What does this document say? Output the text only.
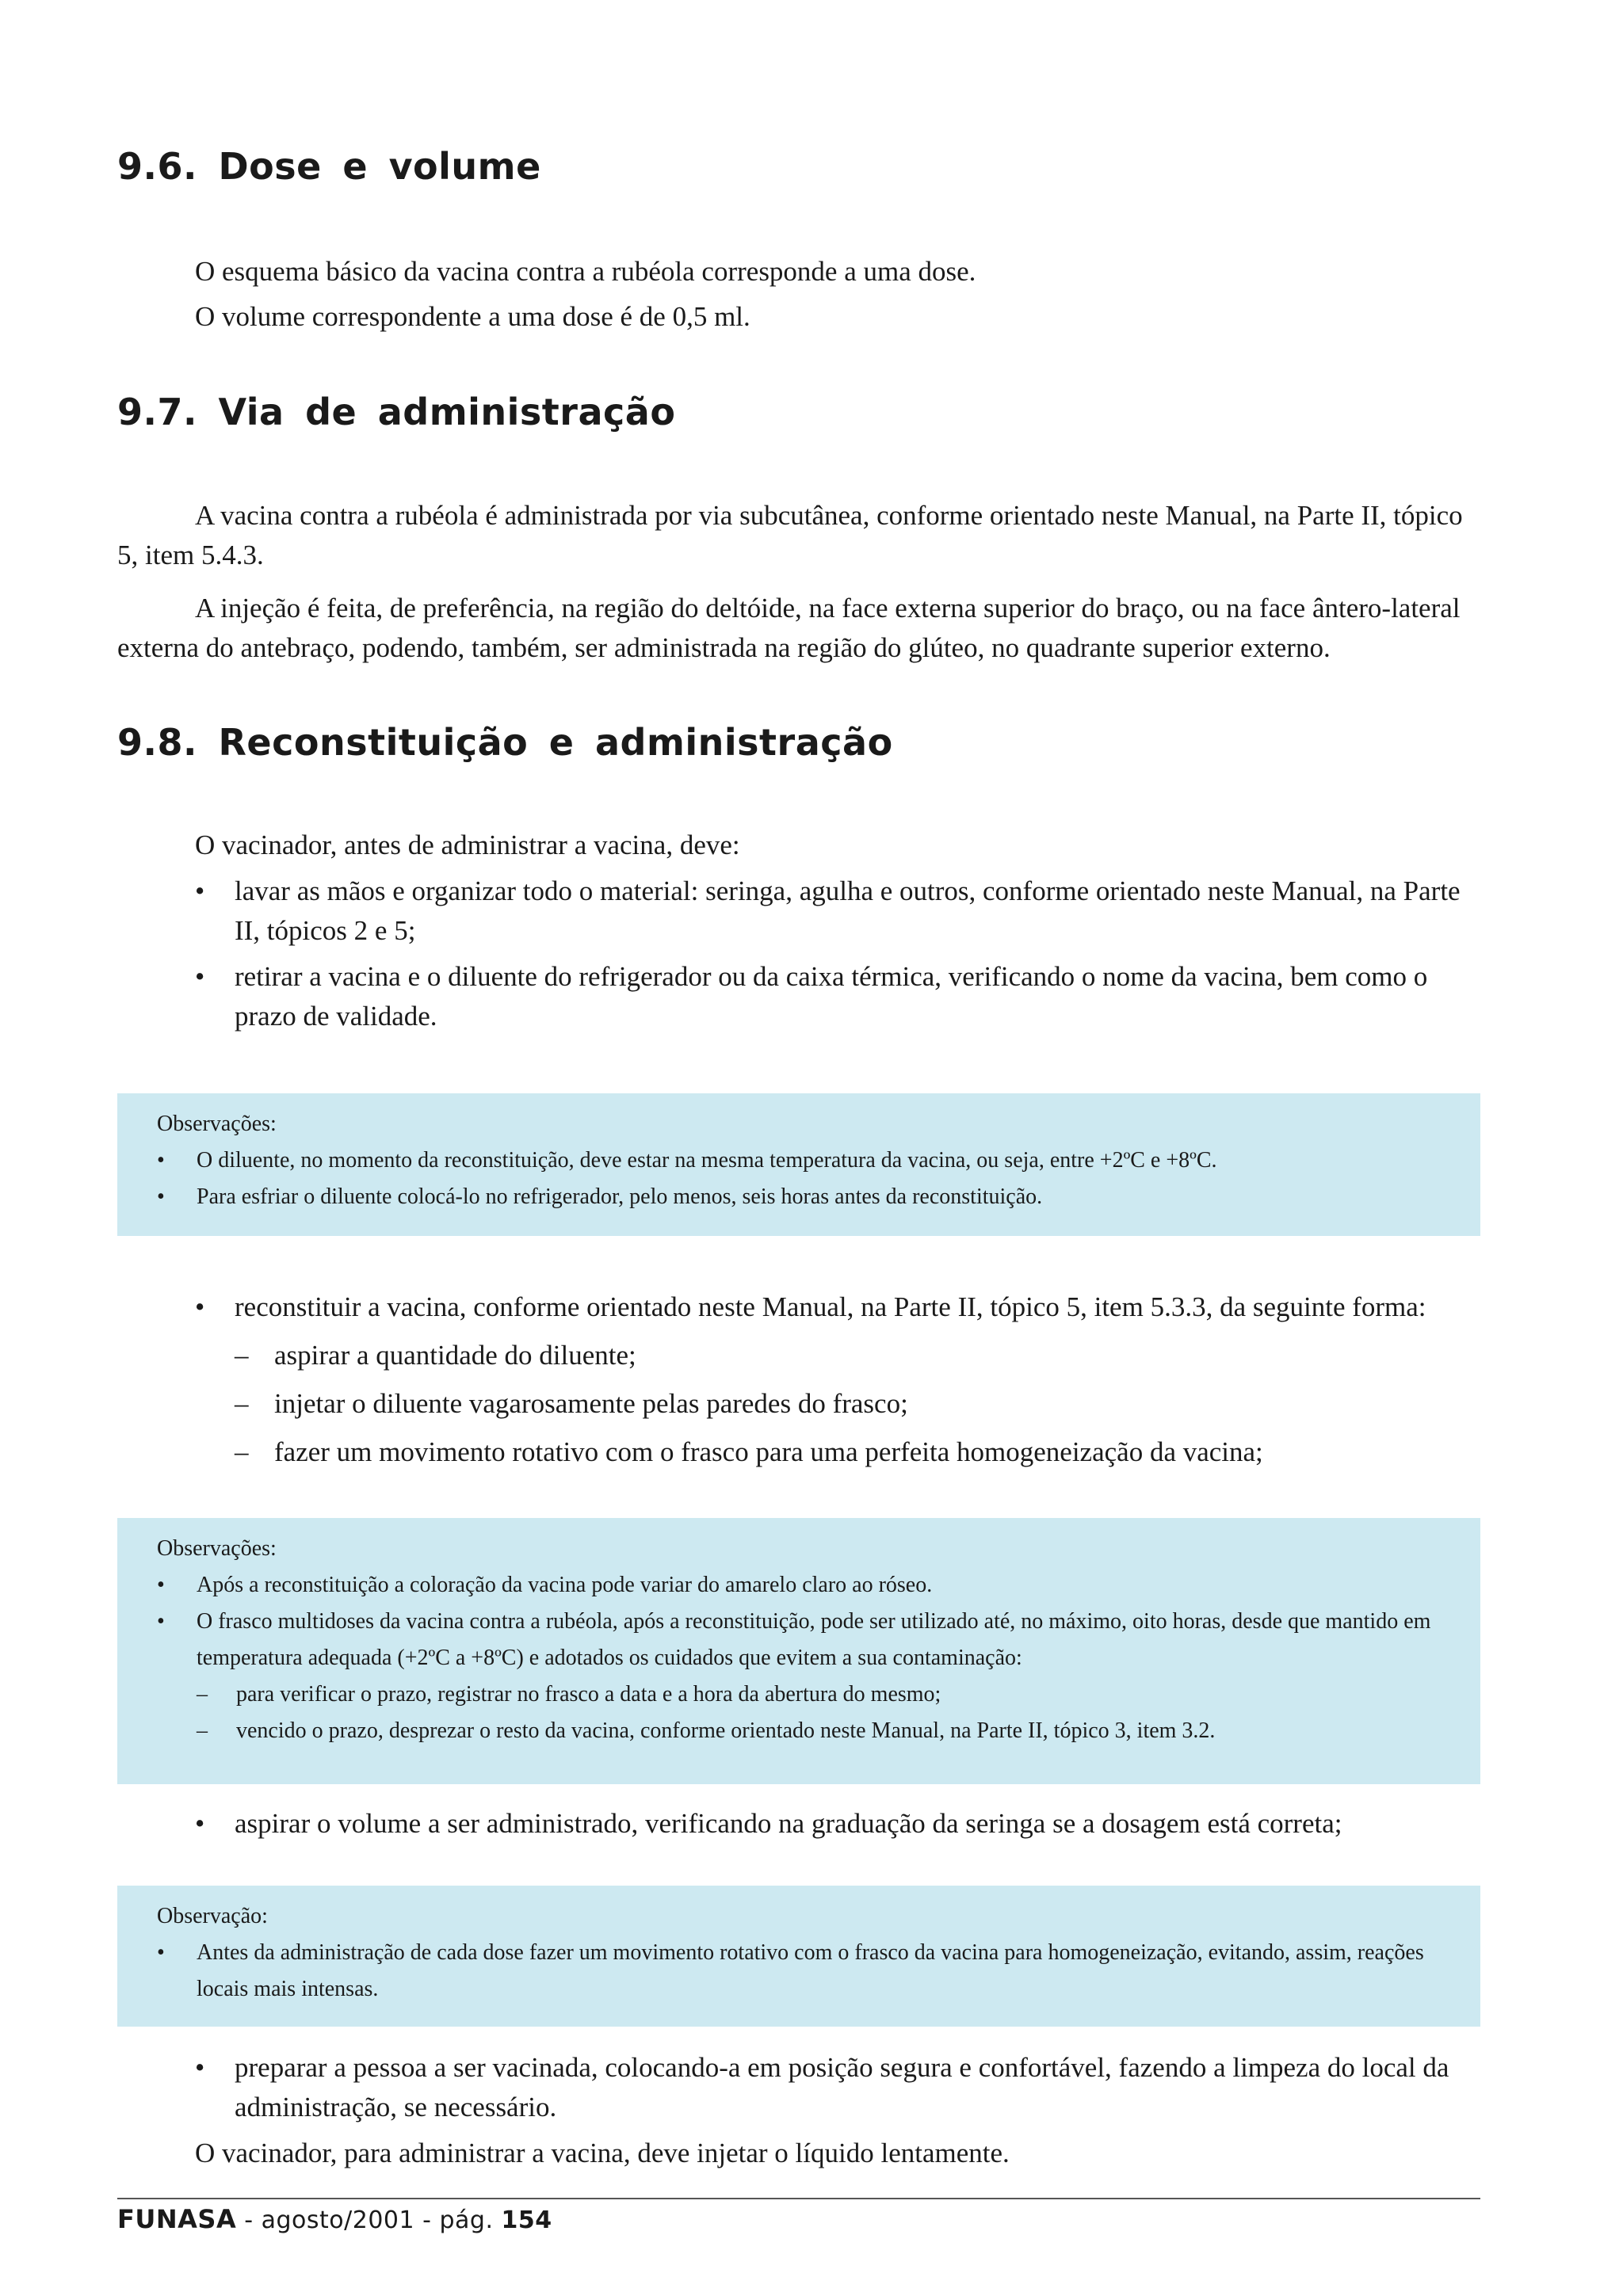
9.6. Dose e volume
O esquema básico da vacina contra a rubéola corresponde a uma dose.
O volume correspondente a uma dose é de 0,5 ml.
9.7. Via de administração
A vacina contra a rubéola é administrada por via subcutânea, conforme orientado neste Manual, na Parte II, tópico 5, item 5.4.3.
A injeção é feita, de preferência, na região do deltóide, na face externa superior do braço, ou na face ântero-lateral externa do antebraço, podendo, também, ser administrada na região do glúteo, no quadrante superior externo.
9.8. Reconstituição e administração
O vacinador, antes de administrar a vacina, deve:
•	lavar as mãos e organizar todo o material: seringa, agulha e outros, conforme orientado neste Manual, na Parte II, tópicos 2 e 5;
•	retirar a vacina e o diluente do refrigerador ou da caixa térmica, verificando o nome da vacina, bem como o prazo de validade.
Observações:
• O diluente, no momento da reconstituição, deve estar na mesma temperatura da vacina, ou seja, entre +2ºC e +8ºC.
• Para esfriar o diluente colocá-lo no refrigerador, pelo menos, seis horas antes da reconstituição.
•	reconstituir a vacina, conforme orientado neste Manual, na Parte II, tópico 5, item 5.3.3, da seguinte forma:
– aspirar a quantidade do diluente;
– injetar o diluente vagarosamente pelas paredes do frasco;
– fazer um movimento rotativo com o frasco para uma perfeita homogeneização da vacina;
Observações:
• Após a reconstituição a coloração da vacina pode variar do amarelo claro ao róseo.
• O frasco multidoses da vacina contra a rubéola, após a reconstituição, pode ser utilizado até, no máximo, oito horas, desde que mantido em temperatura adequada (+2ºC a +8ºC) e adotados os cuidados que evitem a sua contaminação:
– para verificar o prazo, registrar no frasco a data e a hora da abertura do mesmo;
– vencido o prazo, desprezar o resto da vacina, conforme orientado neste Manual, na Parte II, tópico 3, item 3.2.
•	aspirar o volume a ser administrado, verificando na graduação da seringa se a dosagem está correta;
Observação:
• Antes da administração de cada dose fazer um movimento rotativo com o frasco da vacina para homogeneização, evitando, assim, reações locais mais intensas.
•	preparar a pessoa a ser vacinada, colocando-a em posição segura e confortável, fazendo a limpeza do local da administração, se necessário.
O vacinador, para administrar a vacina, deve injetar o líquido lentamente.
FUNASA - agosto/2001 - pág. 154
